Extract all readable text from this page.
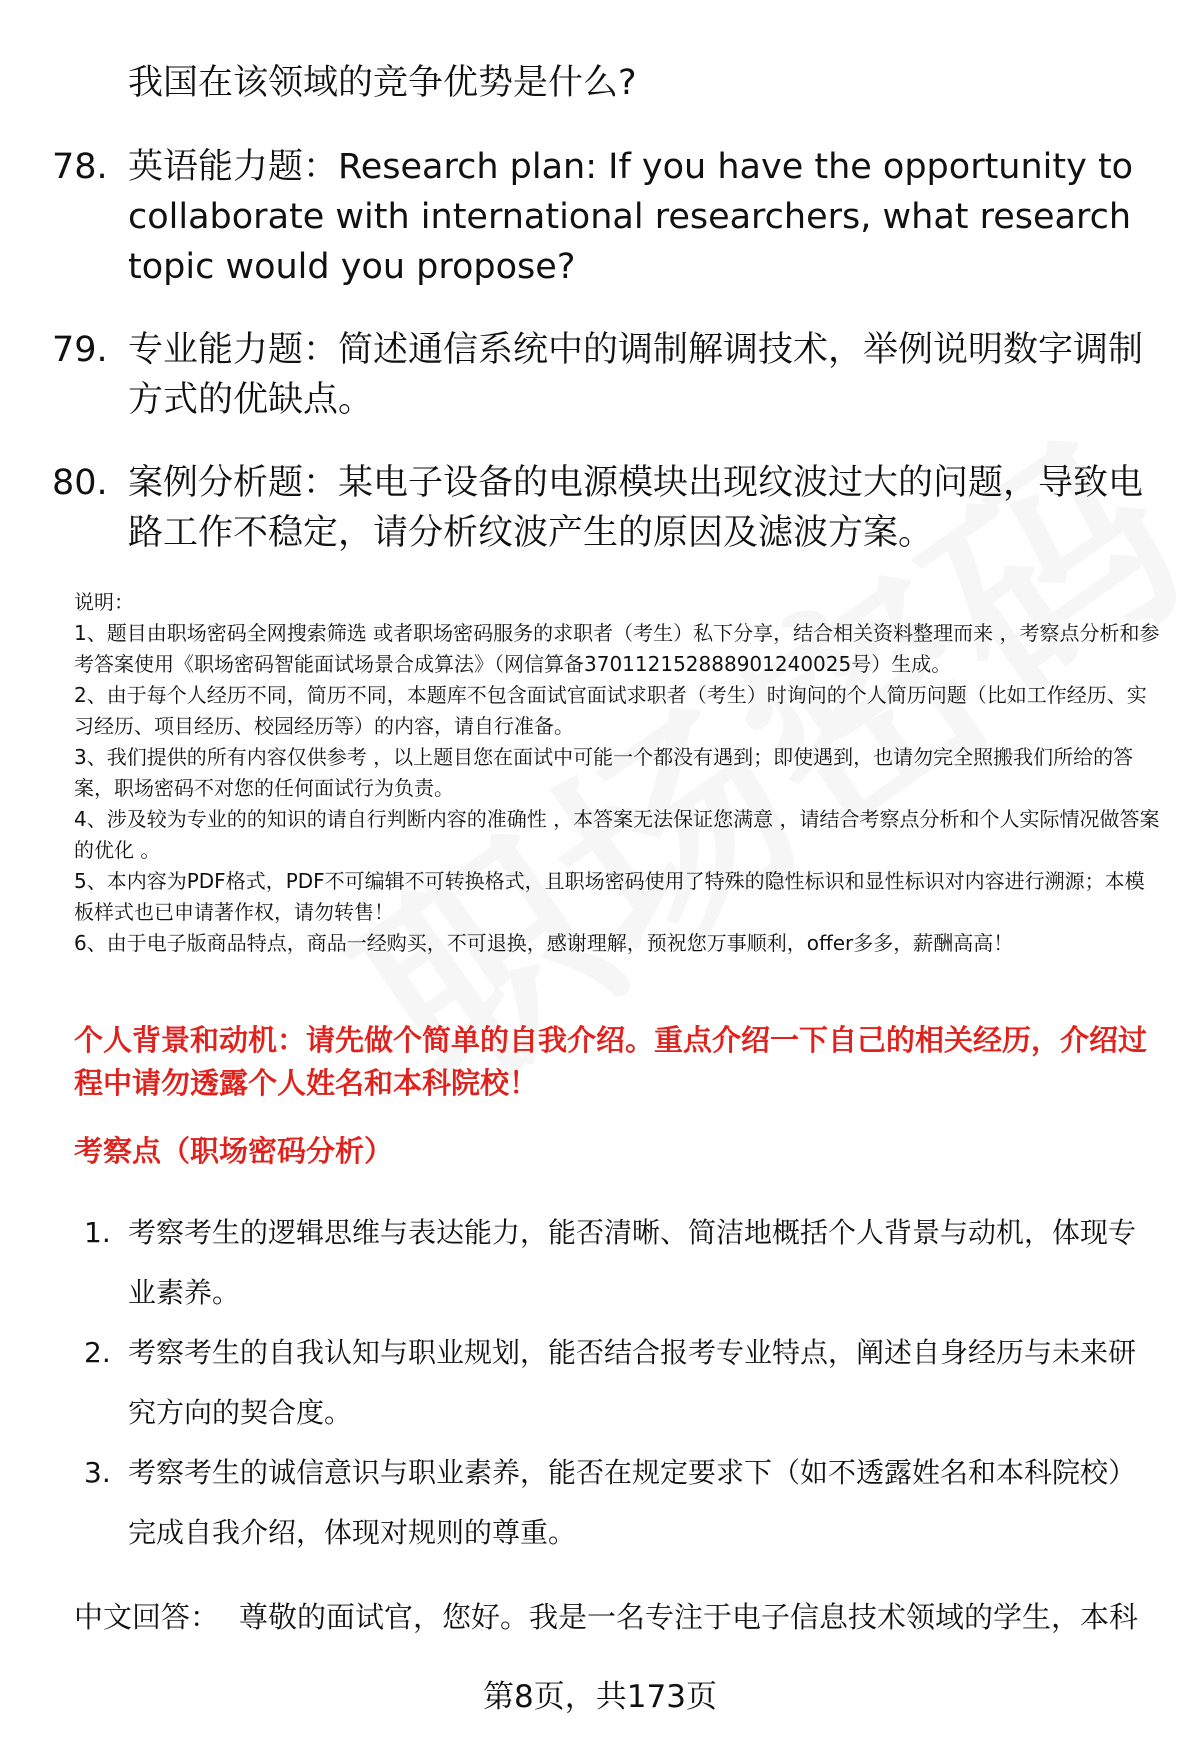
我国在该领域的竞争优势是什么?
78. 英语能力题：Research plan: If you have the opportunity to collaborate with international researchers, what research topic would you propose?
79. 专业能力题：简述通信系统中的调制解调技术，举例说明数字调制方式的优缺点。
80. 案例分析题：某电子设备的电源模块出现纹波过大的问题，导致电路工作不稳定，请分析纹波产生的原因及滤波方案。

说明：

1、题目由职场密码全网搜索筛选 或者职场密码服务的求职者（考生）私下分享，结合相关资料整理而来 ，考察点分析和参考答案使用《职场密码智能面试场景合成算法》（网信算备370112152888901240025号）生成。

2、由于每个人经历不同，简历不同，本题库不包含面试官面试求职者（考生）时询问的个人简历问题（比如工作经历、实习经历、项目经历、校园经历等）的内容，请自行准备。

3、我们提供的所有内容仅供参考 ，以上题目您在面试中可能一个都没有遇到；即使遇到，也请勿完全照搬我们所给的答案，职场密码不对您的任何面试行为负责。

4、涉及较为专业的的知识的请自行判断内容的准确性 ，本答案无法保证您满意 ，请结合考察点分析和个人实际情况做答案的优化 。

5、本内容为PDF格式，PDF不可编辑不可转换格式，且职场密码使用了特殊的隐性标识和显性标识对内容进行溯源；本模板样式也已申请著作权，请勿转售！

6、由于电子版商品特点，商品一经购买，不可退换，感谢理解，预祝您万事顺利，offer多多，薪酬高高！

个人背景和动机：请先做个简单的自我介绍。重点介绍一下自己的相关经历，介绍过程中请勿透露个人姓名和本科院校！
考察点（职场密码分析）
1. 考察考生的逻辑思维与表达能力，能否清晰、简洁地概括个人背景与动机，体现专业素养。
2. 考察考生的自我认知与职业规划，能否结合报考专业特点，阐述自身经历与未来研究方向的契合度。
3. 考察考生的诚信意识与职业素养，能否在规定要求下（如不透露姓名和本科院校）完成自我介绍，体现对规则的尊重。
中文回答： 尊敬的面试官，您好。我是一名专注于电子信息技术领域的学生，本科
第8页，共173页
